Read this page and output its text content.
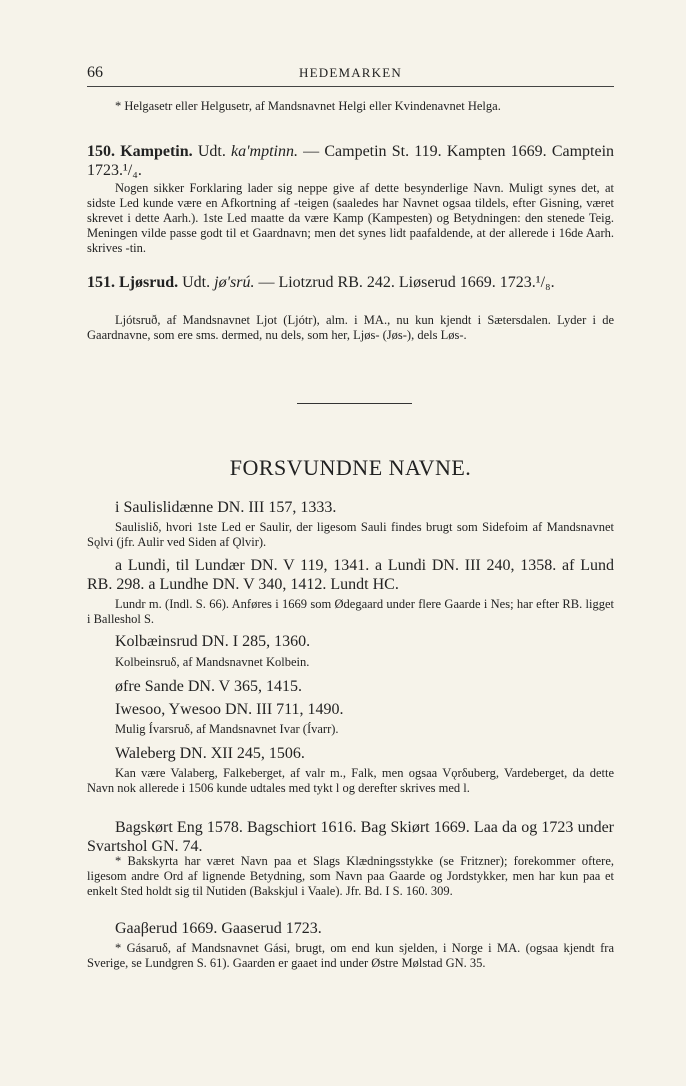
66	HEDEMARKEN

* Helgasetr eller Helgusetr, af Mandsnavnet Helgi eller Kvindenavnet Helga.

150. Kampetin. Udt. ka'mptinn. — Campetin St. 119. Kampten 1669. Camptein 1723.¹/₄.

Nogen sikker Forklaring lader sig neppe give af dette besynderlige Navn. Muligt synes det, at sidste Led kunde være en Afkortning af -teigen (saaledes har Navnet ogsaa tildels, efter Gisning, været skrevet i dette Aarh.). 1ste Led maatte da være Kamp (Kampesten) og Betydningen: den stenede Teig. Meningen vilde passe godt til et Gaardnavn; men det synes lidt paafaldende, at der allerede i 16de Aarh. skrives -tin.

151. Ljøsrud. Udt. jø'srú. — Liotzrud RB. 242. Liøserud 1669. 1723.¹/₈.

Ljótsruð, af Mandsnavnet Ljot (Ljótr), alm. i MA., nu kun kjendt i Sætersdalen. Lyder i de Gaardnavne, som ere sms. dermed, nu dels, som her, Ljøs- (Jøs-), dels Løs-.

FORSVUNDNE NAVNE.

i Saulislidænne DN. III 157, 1333.

Saulisliδ, hvori 1ste Led er Saulir, der ligesom Sauli findes brugt som Sidefoim af Mandsnavnet Sǫlvi (jfr. Aulir ved Siden af Ǫlvir).

a Lundi, til Lundær DN. V 119, 1341. a Lundi DN. III 240, 1358. af Lund RB. 298. a Lundhe DN. V 340, 1412. Lundt HC.

Lundr m. (Indl. S. 66). Anføres i 1669 som Ødegaard under flere Gaarde i Nes; har efter RB. ligget i Balleshol S.

Kolbæinsrud DN. I 285, 1360.

Kolbeinsruδ, af Mandsnavnet Kolbein.

øfre Sande DN. V 365, 1415.

Iwesoo, Ywesoo DN. III 711, 1490.

Mulig Ívarsruδ, af Mandsnavnet Ivar (Ívarr).

Waleberg DN. XII 245, 1506.

Kan være Valaberg, Falkeberget, af valr m., Falk, men ogsaa Vǫrδuberg, Vardeberget, da dette Navn nok allerede i 1506 kunde udtales med tykt l og derefter skrives med l.

Bagskørt Eng 1578. Bagschiort 1616. Bag Skiørt 1669. Laa da og 1723 under Svartshol GN. 74.

* Bakskyrta har været Navn paa et Slags Klædningsstykke (se Fritzner); forekommer oftere, ligesom andre Ord af lignende Betydning, som Navn paa Gaarde og Jordstykker, men har kun paa et enkelt Sted holdt sig til Nutiden (Bakskjul i Vaale). Jfr. Bd. I S. 160. 309.

Gaaβerud 1669. Gaaserud 1723.

* Gásaruδ, af Mandsnavnet Gási, brugt, om end kun sjelden, i Norge i MA. (ogsaa kjendt fra Sverige, se Lundgren S. 61). Gaarden er gaaet ind under Østre Mølstad GN. 35.
